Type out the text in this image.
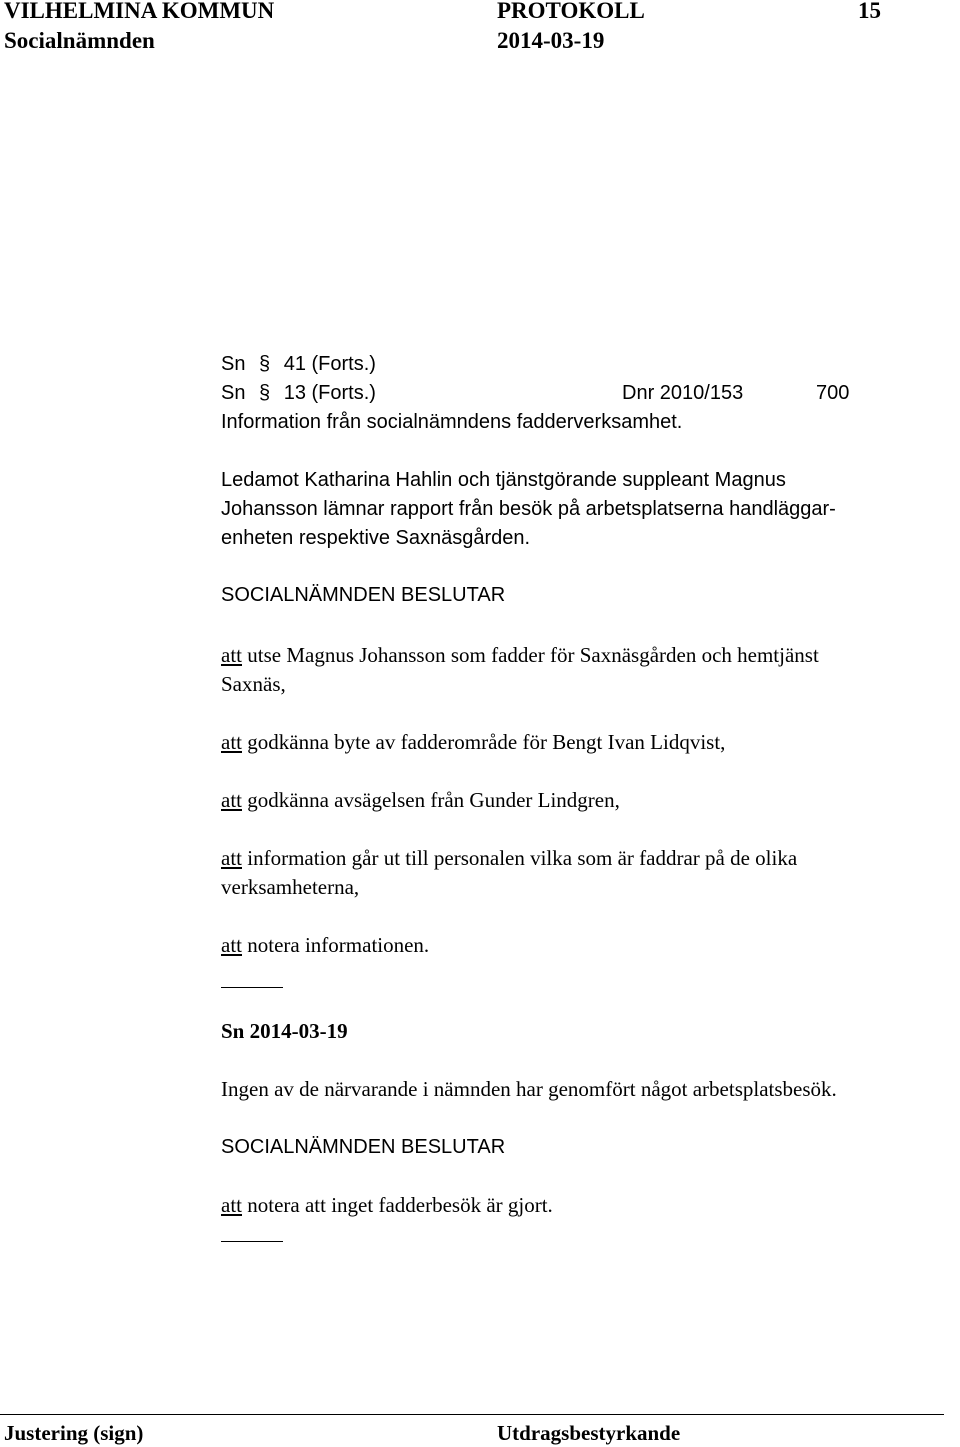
VILHELMINA KOMMUN	PROTOKOLL	15
Socialnämnden	2014-03-19
Sn § 41 (Forts.)
Sn § 13 (Forts.)	Dnr 2010/153	700
Information från socialnämndens fadderverksamhet.
Ledamot Katharina Hahlin och tjänstgörande suppleant Magnus
Johansson lämnar rapport från besök på arbetsplatserna handläggar-
enheten respektive Saxnäsgården.
SOCIALNÄMNDEN BESLUTAR
att utse Magnus Johansson som fadder för Saxnäsgården och hemtjänst
Saxnäs,
att godkänna byte av fadderområde för Bengt Ivan Lidqvist,
att godkänna avsägelsen från Gunder Lindgren,
att information går ut till personalen vilka som är faddrar på de olika
verksamheterna,
att notera informationen.
Sn 2014-03-19
Ingen av de närvarande i nämnden har genomfört något arbetsplatsbesök.
SOCIALNÄMNDEN BESLUTAR
att notera att inget fadderbesök är gjort.
Justering (sign)	Utdragsbestyrkande
